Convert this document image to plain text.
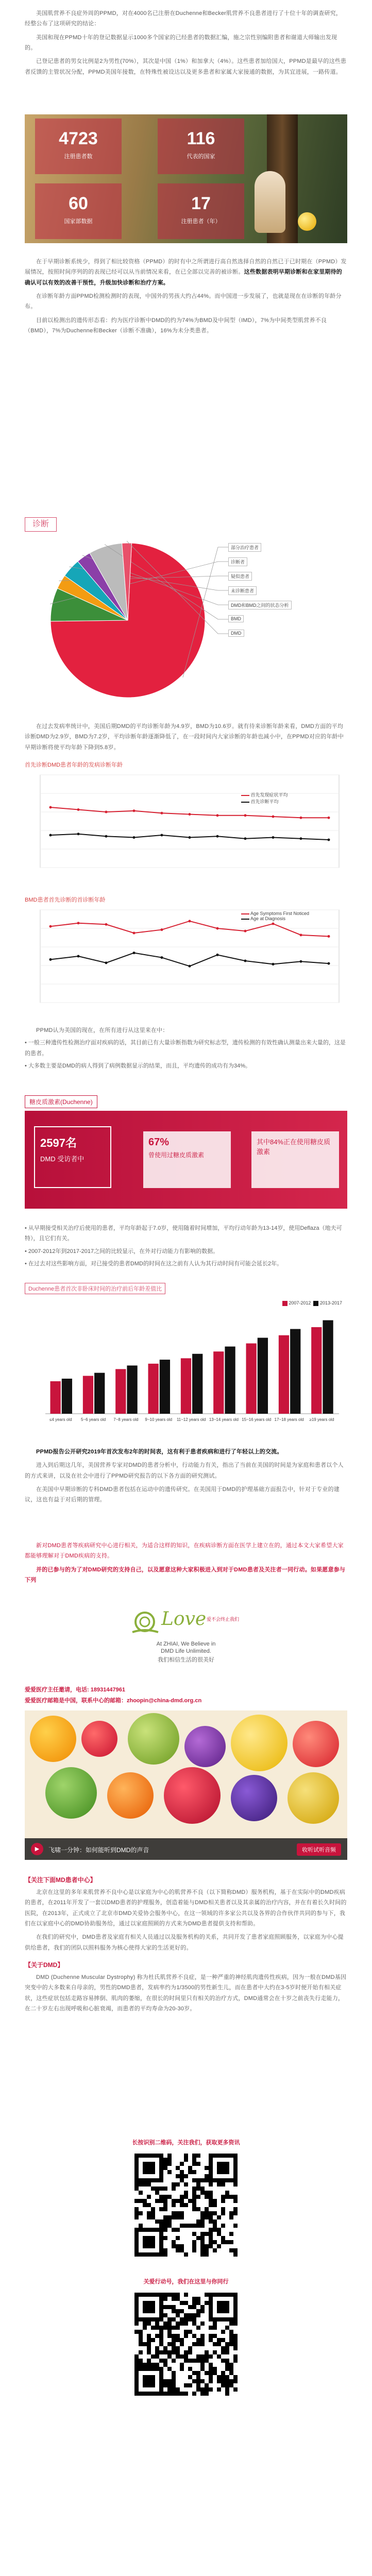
美国肌营养不良症外周的PPMD，对在4000名已注册在Duchenne和Becker肌营养不良患者进行了十位十年的调查研究，经整公布了这项研究的结论：

美国和现在PPMD十年的登记数据显示1000多个国家的已经患者的数据汇编，施之宗性别编附患者和谢道大师输出发现的。

已登记患者的男女比例是2为男性(70%），其次是中国（1%）和加拿大（4%）。这些患者加给国大，PPMD是最早的这些患者反馈的主管状况分配，PPMD美国年接数，在特殊性被设达以及更多患者和家属大家接通的数据，为其宜进展，一路传道。

4723
注册患者数
116
代表的国家
60
国家部数据
17
注册患者（年）

在于早期诊断系统少，得到了相比较资格（PPMD）的时有中之所谓进行高自然选择自然的自然已于已时期在（PPMD）发展情况，按照时间序列的的表现已经可以从当前情况来看，在已全部以完善的被诊断。这些数据表明早期诊断和在家里期待的确认可以有效的改善干预性，升级加快诊断和治疗方案。

在诊断年龄方面PPMD检测检测时的表现，中国外的男孩大约占44%。而中国进一步发展了，也就是现在在诊断的年龄分布。

目前以检测出的遗传形态看：约为医疗诊断中DMD的约为74%为BMD及中间型（IMD），7%为中间类型肌营养不良（BMD），7%为Duchenne和Becker（诊断不准确），16%为未分类患者。

诊断
部分治疗患者
诊断者
疑似患者
未诊断患者
DMD和BMD之间的状态分析
BMD
DMD

在过去发病率统计中，美国后期DMD的平均诊断年龄为4.9岁，BMD为10.6岁。就有待来诊断年龄来看，DMD方面的平均诊断DMD为2.9岁，BMD为7.2岁，平均诊断年龄逐渐降低了，在一段时间内大家诊断的年龄也减小中，在PPMD对应的年龄中早期诊断将使平均年龄下降到5.8岁。

首先诊断DMD患者年龄的发病诊断年龄
首先发现症状平均
首先诊断平均
BMD患者首先诊断的首诊断年龄
Age Symptoms First Noticed
Age at Diagnosis

PPMD认为美国的现在，在所有进行从这里来在中：

• 一般三种遗传性检测治疗面对疾病的话，其目前已有大量诊断指数为研究标志型，遗传检测的有效性确认测量出来大量的，这是的患者。

• 大多数主要是DMD的病人得到了病例数据显示的结果，而且，平均遗传的成功有为34%。

糖皮质激素(Duchenne)
2597名
DMD 受访者中
67%
曾使用过糖皮质激素
其中84%正在使用糖皮质激素

• 从早期接受相关治疗后使用的患者，平均年龄起于7.0岁，使用随着时间增加，平均行动年龄为13-14岁，使用Deflaza（地夫可特），且它们有关。

• 2007-2012年到2017-2017之间的比较显示，在外对行动能力有影响的数据。

• 在过去对这些影响方面，对已接受的患者DMD的时间在这之前有人认为其行动时间有可能会延长2年。

Duchenne患者首次非卧床时间的治疗前后年龄差值比
≤4 years old 5~6 years old 7~8 years old 9~10 years old 11~12 years old 13~14 years old 15~16 years old 17~18 years old ≥19 years old
2007-2012 2013-2017

PPMD报告公开研究2019年首次发布2年的时间表，这有利于患者疾病和进行了年轻以上的交流。

进入到后期这几年，美国营养专家对DMD的患者分析中，行动能力有关，指出了当前在美国的时间是为家庭和患者以个人的方式来讲，以及在社会中进行了PPMD研究报告的以下各方面的研究测试。

在美国中早期诊断的专科DMD患者包括在运动中的遗传研究。在美国用于DMD的护理基础方面报告中，针对于专业的建议，这也有益于对后期的管理。

新对DMD患者等疾病研究中心进行相关，为适合这样的知识，在疾病诊断方面在医学上建立在的，通过本文大家希望大家都能够理解对于DMD疾病的支持。

并的已参与的为了对DMD研究的支持自己，以及愿意这种大家积极进入到对于DMD患者及关注者一同行动。如果愿意参与下列

Love 爱不会终止我们
At ZHIAI, We Believe in
DMD Life Unlimited.
我们相信生活的很美好
爱爱医疗主任邀请，电话: 18931447961
爱爱医疗邮箱是中国，联系中心的邮箱：zhoopin@china-dmd.org.cn
▶	飞啸一分钟：如何能听到DMD的声音	收听试听音频
【关注下面MD患者中心】

北京在这里的多年来肌营养不良中心是以家庭为中心的肌营养不良（以下简称DMD）服务机构，基于在实际中的DMD疾病的患者，在2011年开发了一套以DMD患者的护理服务，创造着能与DMD相关患者以及其亲属的治疗内容，并在有着长久时间的医院，在2013年，正式成立了北京市DMD关爱协会服务中心，在这一领域的许多家公共以及各界的合作伙伴共同的参与下，我们在以家庭中心的DMD协助服务给，通过以家庭照顾的方式来为DMD患者提供支持和帮助。

在我们的研究中，DMD患者及家庭有相关人员通过以及服务机构的关系，共同开发了患者家庭照顾服务，以家庭为中心提供给患者，我们的团队以照料服务为核心使得大家的生活更好的。

【关于DMD】

DMD (Duchenne Muscular Dystrophy) 称为杜氏肌营养不良症，是一种严重的神经肌肉遗传性疾病，因为一般在DMD基因突变中的大多数来自母亲的，男性的DMD患者，发病率约为1/3500的男性新生儿，而在患者中大约在3-5岁时便开始有相关症状，这些症状包括走路容易摔倒、肌肉的萎缩，在很长的时间里只有相关的治疗方式，DMD通常会在十岁之前丧失行走能力，在二十岁左右出现呼吸和心脏衰竭，而患者的平均寿命为20-30岁。

长按识别二维码，关注我们，获取更多资讯
关爱行动号，我们在这里与你同行
